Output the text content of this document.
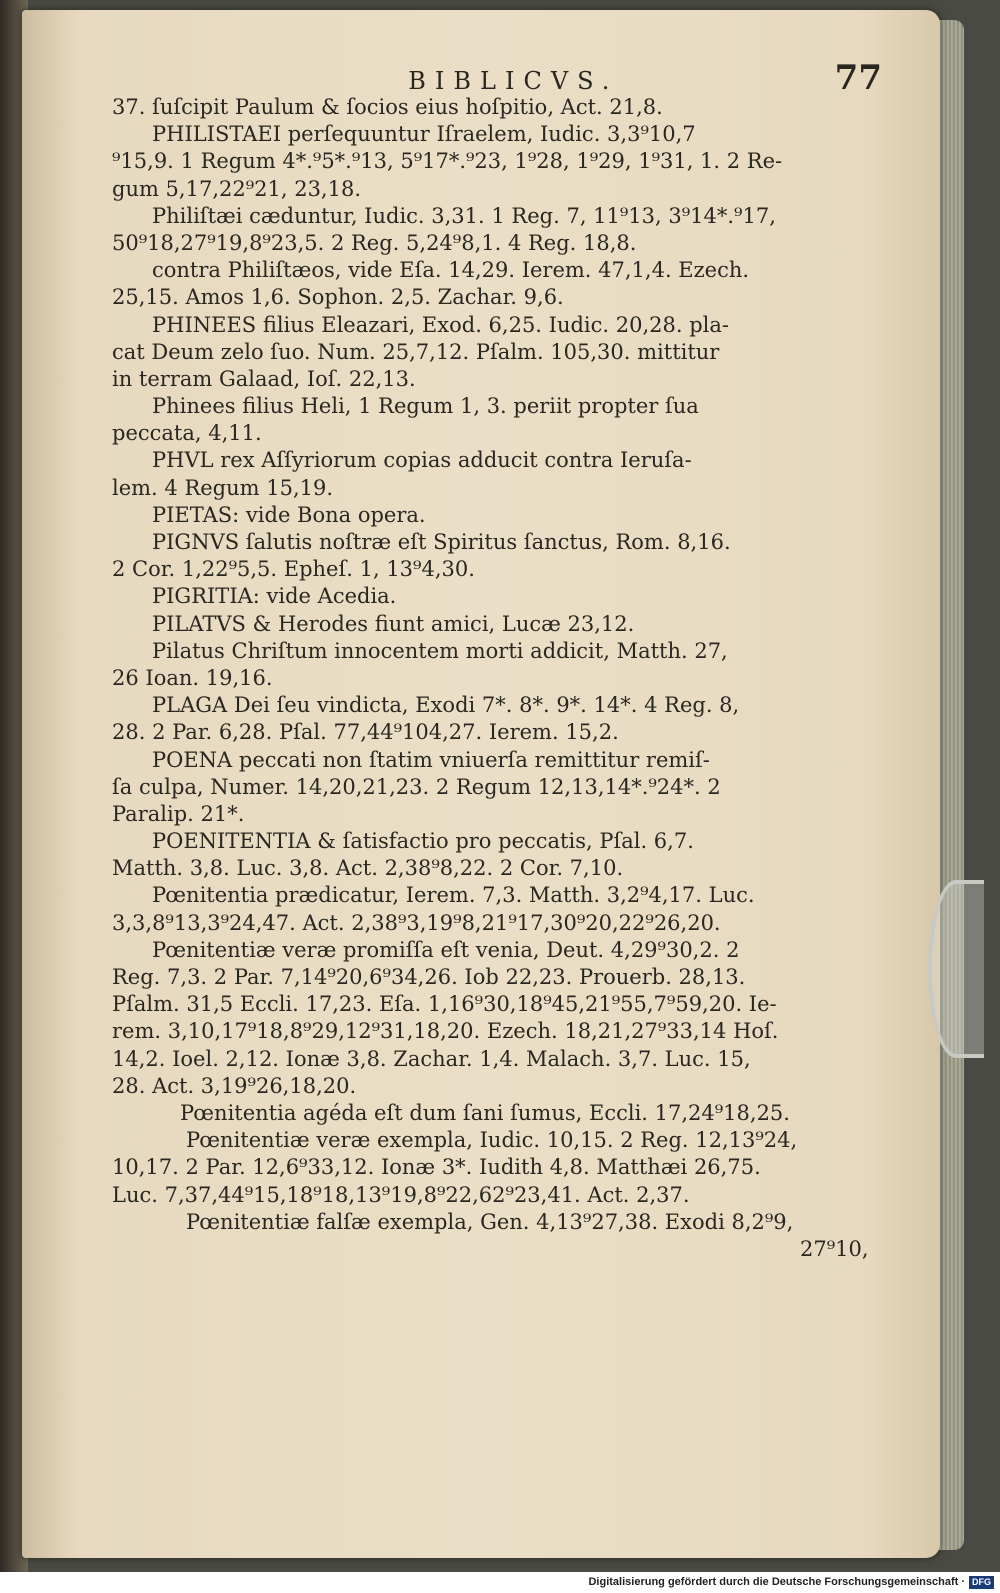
BIBLICVS.	77
37. ſuſcipit Paulum & ſocios eius hoſpitio, Act. 21,8.
PHILISTAEI perſequuntur Iſraelem, Iudic. 3,3⁹10,7
⁹15,9. 1 Regum 4*.⁹5*.⁹13, 5⁹17*.⁹23, 1⁹28, 1⁹29, 1⁹31, 1. 2 Re-
gum 5,17,22⁹21, 23,18.
Philiſtæi cæduntur, Iudic. 3,31. 1 Reg. 7, 11⁹13, 3⁹14*.⁹17,
50⁹18,27⁹19,8⁹23,5. 2 Reg. 5,24⁹8,1. 4 Reg. 18,8.
contra Philiſtæos, vide Eſa. 14,29. Ierem. 47,1,4. Ezech.
25,15. Amos 1,6. Sophon. 2,5. Zachar. 9,6.
PHINEES filius Eleazari, Exod. 6,25. Iudic. 20,28. pla-
cat Deum zelo ſuo. Num. 25,7,12. Pſalm. 105,30. mittitur
in terram Galaad, Ioſ. 22,13.
Phinees filius Heli, 1 Regum 1, 3. periit propter ſua
peccata, 4,11.
PHVL rex Aſſyriorum copias adducit contra Ieruſa-
lem. 4 Regum 15,19.
PIETAS: vide Bona opera.
PIGNVS ſalutis noſtræ eſt Spiritus ſanctus, Rom. 8,16.
2 Cor. 1,22⁹5,5. Epheſ. 1, 13⁹4,30.
PIGRITIA: vide Acedia.
PILATVS & Herodes fiunt amici, Lucæ 23,12.
Pilatus Chriſtum innocentem morti addicit, Matth. 27,
26 Ioan. 19,16.
PLAGA Dei ſeu vindicta, Exodi 7*. 8*. 9*. 14*. 4 Reg. 8,
28. 2 Par. 6,28. Pſal. 77,44⁹104,27. Ierem. 15,2.
POENA peccati non ſtatim vniuerſa remittitur remiſ-
ſa culpa, Numer. 14,20,21,23. 2 Regum 12,13,14*.⁹24*. 2
Paralip. 21*.
POENITENTIA & ſatisfactio pro peccatis, Pſal. 6,7.
Matth. 3,8. Luc. 3,8. Act. 2,38⁹8,22. 2 Cor. 7,10.
Pœnitentia prædicatur, Ierem. 7,3. Matth. 3,2⁹4,17. Luc.
3,3,8⁹13,3⁹24,47. Act. 2,38⁹3,19⁹8,21⁹17,30⁹20,22⁹26,20.
Pœnitentiæ veræ promiſſa eſt venia, Deut. 4,29⁹30,2. 2
Reg. 7,3. 2 Par. 7,14⁹20,6⁹34,26. Iob 22,23. Prouerb. 28,13.
Pſalm. 31,5 Eccli. 17,23. Eſa. 1,16⁹30,18⁹45,21⁹55,7⁹59,20. Ie-
rem. 3,10,17⁹18,8⁹29,12⁹31,18,20. Ezech. 18,21,27⁹33,14 Hoſ.
14,2. Ioel. 2,12. Ionæ 3,8. Zachar. 1,4. Malach. 3,7. Luc. 15,
28. Act. 3,19⁹26,18,20.
Pœnitentia agéda eſt dum ſani ſumus, Eccli. 17,24⁹18,25.
Pœnitentiæ veræ exempla, Iudic. 10,15. 2 Reg. 12,13⁹24,
10,17. 2 Par. 12,6⁹33,12. Ionæ 3*. Iudith 4,8. Matthæi 26,75.
Luc. 7,37,44⁹15,18⁹18,13⁹19,8⁹22,62⁹23,41. Act. 2,37.
Pœnitentiæ falſæ exempla, Gen. 4,13⁹27,38. Exodi 8,2⁹9,
27⁹10,
Digitalisierung gefördert durch die Deutsche Forschungsgemeinschaft · DFG
